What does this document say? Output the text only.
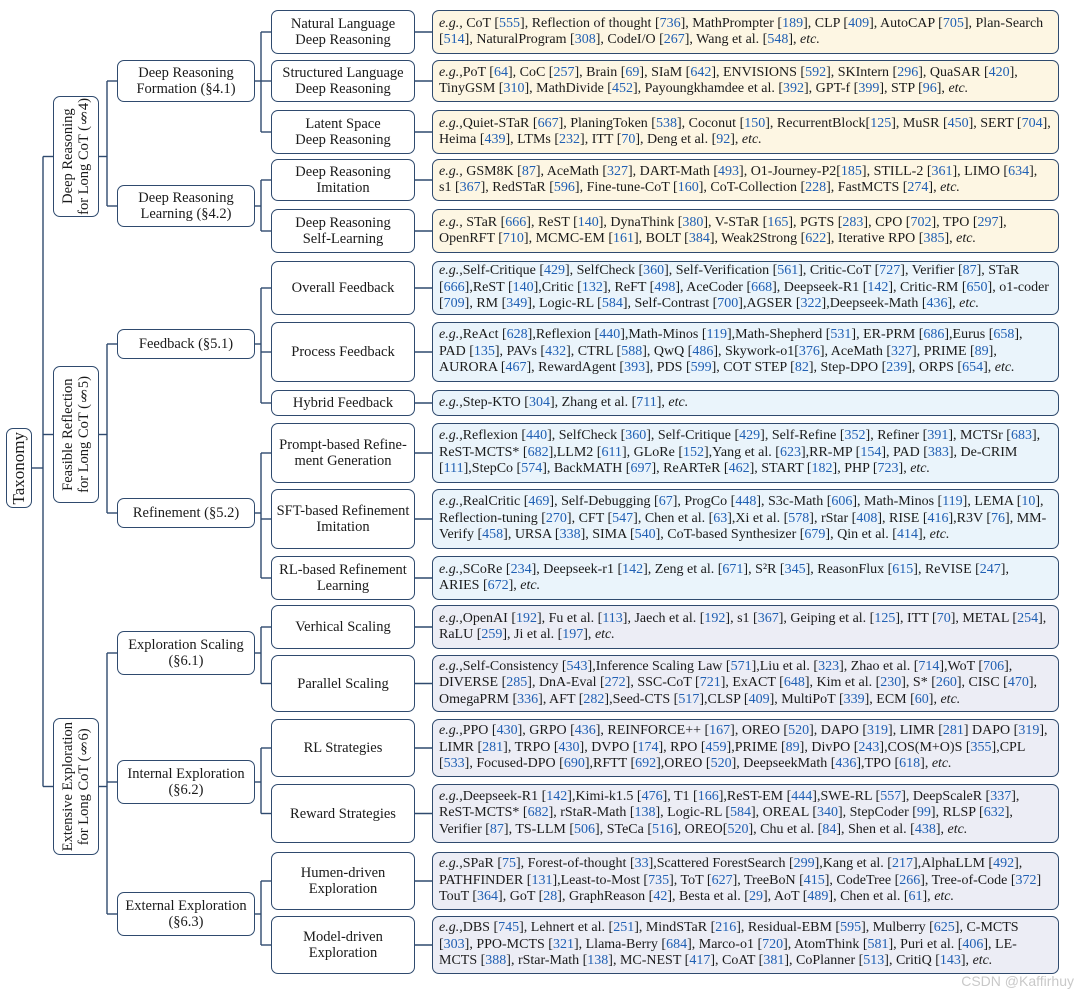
Taxonomy
Deep Reasoning
for Long CoT (§4)
Feasible Reflection
for Long CoT (§5)
Extensive Exploration
for Long CoT (§6)
Deep Reasoning
Formation (§4.1)
Deep Reasoning
Learning (§4.2)
Feedback (§5.1)
Refinement (§5.2)
Exploration Scaling
(§6.1)
Internal Exploration
(§6.2)
External Exploration
(§6.3)
Natural Language
Deep Reasoning
e.g., CoT [555], Reflection of thought [736], MathPrompter [189], CLP [409], AutoCAP [705], Plan-Search [514], NaturalProgram [308], CodeI/O [267], Wang et al. [548], etc.
Structured Language
Deep Reasoning
e.g.,PoT [64], CoC [257], Brain [69], SIaM [642], ENVISIONS [592], SKIntern [296], QuaSAR [420], TinyGSM [310], MathDivide [452], Payoungkhamdee et al. [392], GPT-f [399], STP [96], etc.
Latent Space
Deep Reasoning
e.g.,Quiet-STaR [667], PlaningToken [538], Coconut [150], RecurrentBlock[125], MuSR [450], SERT [704], Heima [439], LTMs [232], ITT [70], Deng et al. [92], etc.
Deep Reasoning
Imitation
e.g., GSM8K [87], AceMath [327], DART-Math [493], O1-Journey-P2[185], STILL-2 [361], LIMO [634], s1 [367], RedSTaR [596], Fine-tune-CoT [160], CoT-Collection [228], FastMCTS [274], etc.
Deep Reasoning
Self-Learning
e.g., STaR [666], ReST [140], DynaThink [380], V-STaR [165], PGTS [283], CPO [702], TPO [297], OpenRFT [710], MCMC-EM [161], BOLT [384], Weak2Strong [622], Iterative RPO [385], etc.
Overall Feedback
e.g.,Self-Critique [429], SelfCheck [360], Self-Verification [561], Critic-CoT [727], Verifier [87], STaR [666],ReST [140],Critic [132], ReFT [498], AceCoder [668], Deepseek-R1 [142], Critic-RM [650], o1-coder [709], RM [349], Logic-RL [584], Self-Contrast [700],AGSER [322],Deepseek-Math [436], etc.
Process Feedback
e.g.,ReAct [628],Reflexion [440],Math-Minos [119],Math-Shepherd [531], ER-PRM [686],Eurus [658], PAD [135], PAVs [432], CTRL [588], QwQ [486], Skywork-o1[376], AceMath [327], PRIME [89], AURORA [467], RewardAgent [393], PDS [599], COT STEP [82], Step-DPO [239], ORPS [654], etc.
Hybrid Feedback	e.g.,Step-KTO [304], Zhang et al. [711], etc.
Prompt-based Refine-
ment Generation
e.g.,Reflexion [440], SelfCheck [360], Self-Critique [429], Self-Refine [352], Refiner [391], MCTSr [683], ReST-MCTS* [682],LLM2 [611], GLoRe [152],Yang et al. [623],RR-MP [154], PAD [383], De-CRIM [111],StepCo [574], BackMATH [697], ReARTeR [462], START [182], PHP [723], etc.
SFT-based Refinement
Imitation
e.g.,RealCritic [469], Self-Debugging [67], ProgCo [448], S3c-Math [606], Math-Minos [119], LEMA [10], Reflection-tuning [270], CFT [547], Chen et al. [63],Xi et al. [578], rStar [408], RISE [416],R3V [76], MM-Verify [458], URSA [338], SIMA [540], CoT-based Synthesizer [679], Qin et al. [414], etc.
RL-based Refinement
Learning
e.g.,SCoRe [234], Deepseek-r1 [142], Zeng et al. [671], S²R [345], ReasonFlux [615], ReVISE [247], ARIES [672], etc.
Verhical Scaling
e.g.,OpenAI [192], Fu et al. [113], Jaech et al. [192], s1 [367], Geiping et al. [125], ITT [70], METAL [254], RaLU [259], Ji et al. [197], etc.
Parallel Scaling
e.g.,Self-Consistency [543],Inference Scaling Law [571],Liu et al. [323], Zhao et al. [714],WoT [706], DIVERSE [285], DnA-Eval [272], SSC-CoT [721], ExACT [648], Kim et al. [230], S* [260], CISC [470], OmegaPRM [336], AFT [282],Seed-CTS [517],CLSP [409], MultiPoT [339], ECM [60], etc.
RL Strategies
e.g.,PPO [430], GRPO [436], REINFORCE++ [167], OREO [520], DAPO [319], LIMR [281] DAPO [319], LIMR [281], TRPO [430], DVPO [174], RPO [459],PRIME [89], DivPO [243],COS(M+O)S [355],CPL [533], Focused-DPO [690],RFTT [692],OREO [520], DeepseekMath [436],TPO [618], etc.
Reward Strategies
e.g.,Deepseek-R1 [142],Kimi-k1.5 [476], T1 [166],ReST-EM [444],SWE-RL [557], DeepScaleR [337], ReST-MCTS* [682], rStaR-Math [138], Logic-RL [584], OREAL [340], StepCoder [99], RLSP [632], Verifier [87], TS-LLM [506], STeCa [516], OREO[520], Chu et al. [84], Shen et al. [438], etc.
Humen-driven
Exploration
e.g.,SPaR [75], Forest-of-thought [33],Scattered ForestSearch [299],Kang et al. [217],AlphaLLM [492], PATHFINDER [131],Least-to-Most [735], ToT [627], TreeBoN [415], CodeTree [266], Tree-of-Code [372] TouT [364], GoT [28], GraphReason [42], Besta et al. [29], AoT [489], Chen et al. [61], etc.
Model-driven
Exploration
e.g.,DBS [745], Lehnert et al. [251], MindSTaR [216], Residual-EBM [595], Mulberry [625], C-MCTS [303], PPO-MCTS [321], Llama-Berry [684], Marco-o1 [720], AtomThink [581], Puri et al. [406], LE-MCTS [388], rStar-Math [138], MC-NEST [417], CoAT [381], CoPlanner [513], CritiQ [143], etc.
CSDN @Kaffirhuy
